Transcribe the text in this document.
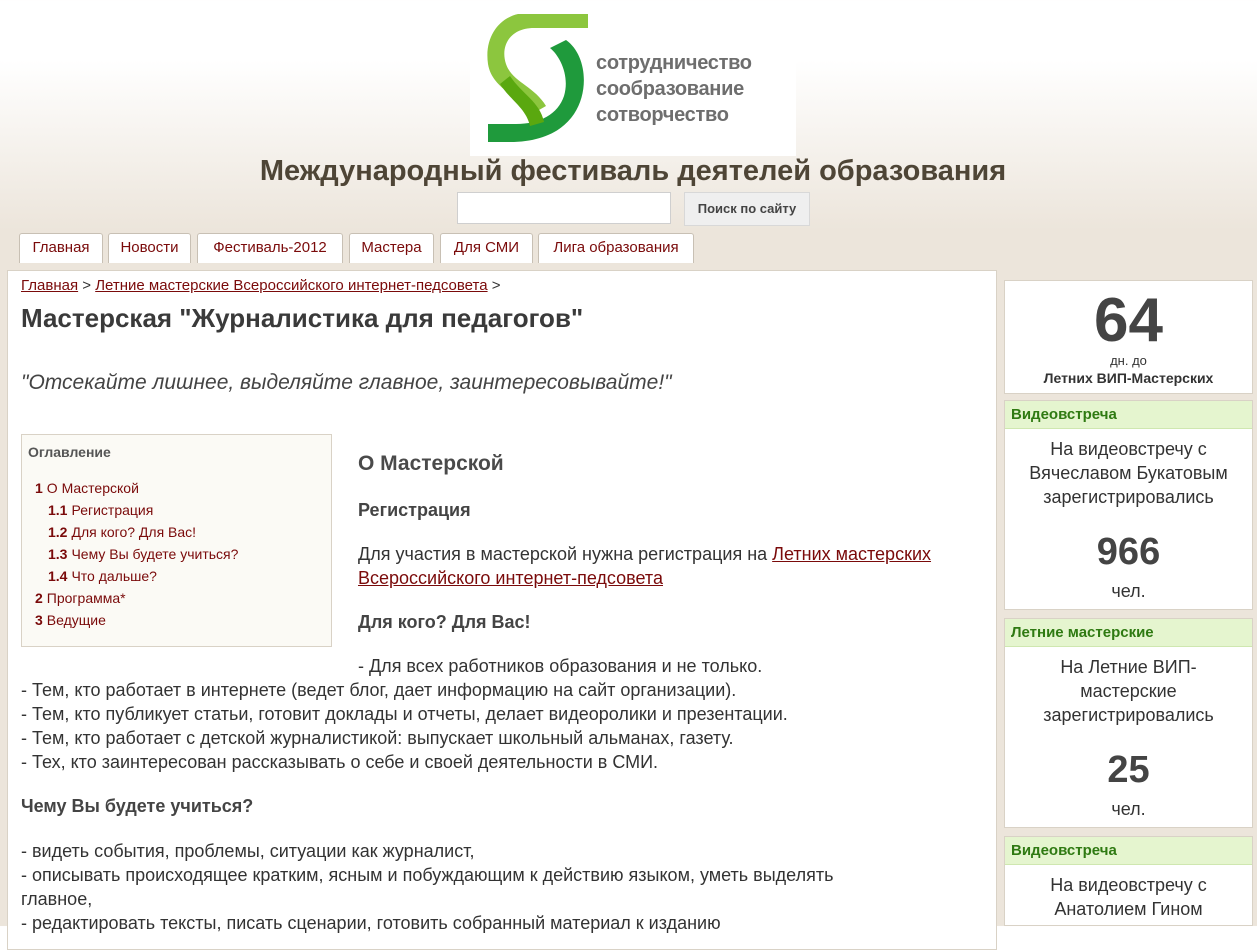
сотрудничество
сообразование
сотворчество
Международный фестиваль деятелей образования
Поиск по сайту
Главная	Новости	Фестиваль-2012	Мастера	Для СМИ	Лига образования
Главная > Летние мастерские Всероссийского интернет-педсовета >
Мастерская "Журналистика для педагогов"
"Отсекайте лишнее, выделяйте главное, заинтересовывайте!"
Оглавление
1 О Мастерской
1.1 Регистрация
1.2 Для кого? Для Вас!
1.3 Чему Вы будете учиться?
1.4 Что дальше?
2 Программа*
3 Ведущие
О Мастерской
Регистрация
Для участия в мастерской нужна регистрация на Летних мастерских
Всероссийского интернет-педсовета
Для кого? Для Вас!
- Для всех работников образования и не только.
- Тем, кто работает в интернете (ведет блог, дает информацию на сайт организации).
- Тем, кто публикует статьи, готовит доклады и отчеты, делает видеоролики и презентации.
- Тем, кто работает с детской журналистикой: выпускает школьный альманах, газету.
- Тех, кто заинтересован рассказывать о себе и своей деятельности в СМИ.
Чему Вы будете учиться?
- видеть события, проблемы, ситуации как журналист,
- описывать происходящее кратким, ясным и побуждающим к действию языком, уметь выделять
главное,
- редактировать тексты, писать сценарии, готовить собранный материал к изданию
64
дн. до
Летних ВИП-Мастерских
Видеовстреча
На видеовстречу с
Вячеславом Букатовым
зарегистрировались
966
чел.
Летние мастерские
На Летние ВИП-
мастерские
зарегистрировались
25
чел.
Видеовстреча
На видеовстречу с
Анатолием Гином
